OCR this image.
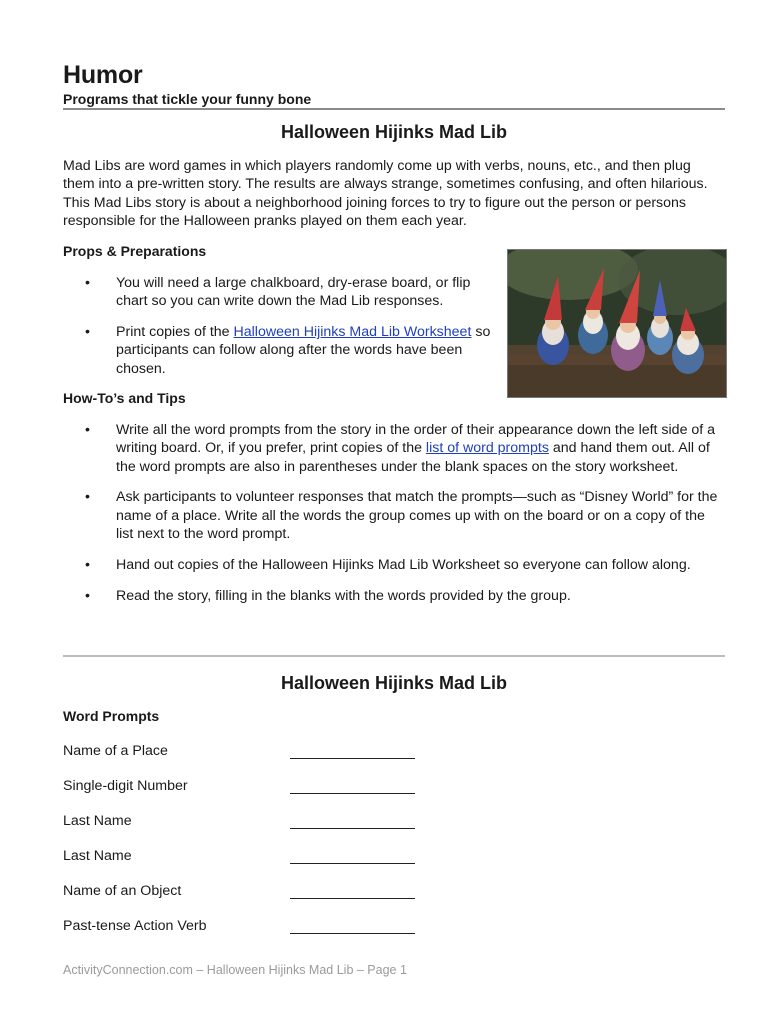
Humor
Programs that tickle your funny bone
Halloween Hijinks Mad Lib
Mad Libs are word games in which players randomly come up with verbs, nouns, etc., and then plug them into a pre-written story. The results are always strange, sometimes confusing, and often hilarious. This Mad Libs story is about a neighborhood joining forces to try to figure out the person or persons responsible for the Halloween pranks played on them each year.
Props & Preparations
• You will need a large chalkboard, dry-erase board, or flip chart so you can write down the Mad Lib responses.
• Print copies of the Halloween Hijinks Mad Lib Worksheet so participants can follow along after the words have been chosen.
How-To’s and Tips
• Write all the word prompts from the story in the order of their appearance down the left side of a writing board. Or, if you prefer, print copies of the list of word prompts and hand them out. All of the word prompts are also in parentheses under the blank spaces on the story worksheet.
• Ask participants to volunteer responses that match the prompts—such as “Disney World” for the name of a place. Write all the words the group comes up with on the board or on a copy of the list next to the word prompt.
• Hand out copies of the Halloween Hijinks Mad Lib Worksheet so everyone can follow along.
• Read the story, filling in the blanks with the words provided by the group.
Halloween Hijinks Mad Lib
Word Prompts
Name of a Place
Single-digit Number
Last Name
Last Name
Name of an Object
Past-tense Action Verb
ActivityConnection.com – Halloween Hijinks Mad Lib – Page 1
